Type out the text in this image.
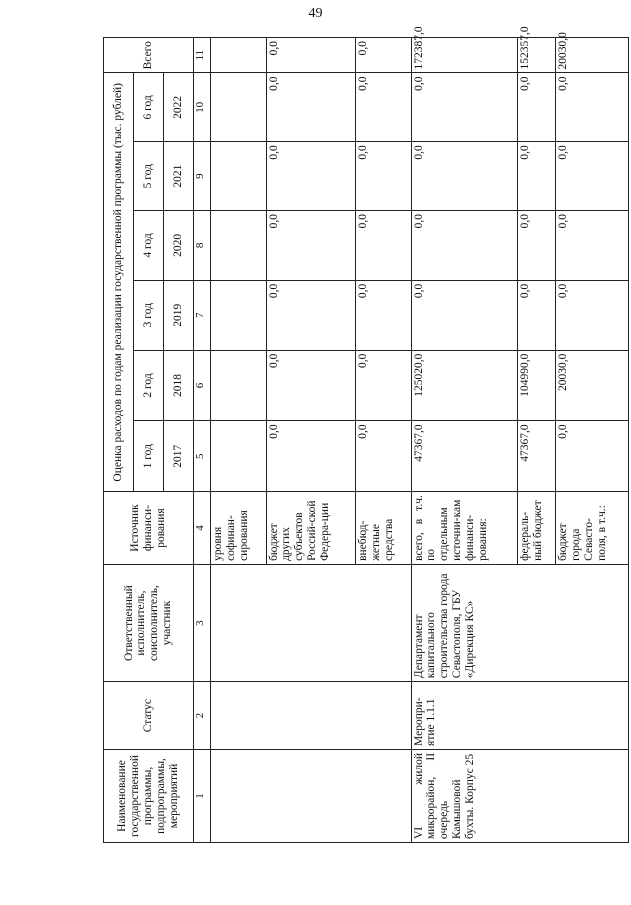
49
Наименование государственной программы, подпрограммы, мероприятий	Статус	Ответственный исполнитель, соисполнитель, участник	Источник финанси-рования	Оценка расходов по годам реализации государственной программы (тыс. рублей)						Всего
				1 год	2 год	3 год	4 год	5 год	6 год	
				2017	2018	2019	2020	2021	2022	
1	2	3	4	5	6	7	8	9	10	11
			уровня софинан-сирования							
			бюджет других субъектов Россий-ской Федера-ции	0,0	0,0	0,0	0,0	0,0	0,0	0,0
			внебюд-жетные средства	0,0	0,0	0,0	0,0	0,0	0,0	0,0
VI жилой микрорайон, II очередь Камышовой бухты. Корпус 25	Меропри-ятие 1.1.1	Департамент капитального строительства города Севастополя, ГБУ «Дирекция КС»	всего, в т.ч. по отдельным источни-кам финанси-рования:	47367,0	125020,0	0,0	0,0	0,0	0,0	172387,0
			федераль-ный бюджет	47367,0	104990,0	0,0	0,0	0,0	0,0	152357,0
			бюджет города Севасто-поля, в т.ч.:	0,0	20030,0	0,0	0,0	0,0	0,0	20030,0
